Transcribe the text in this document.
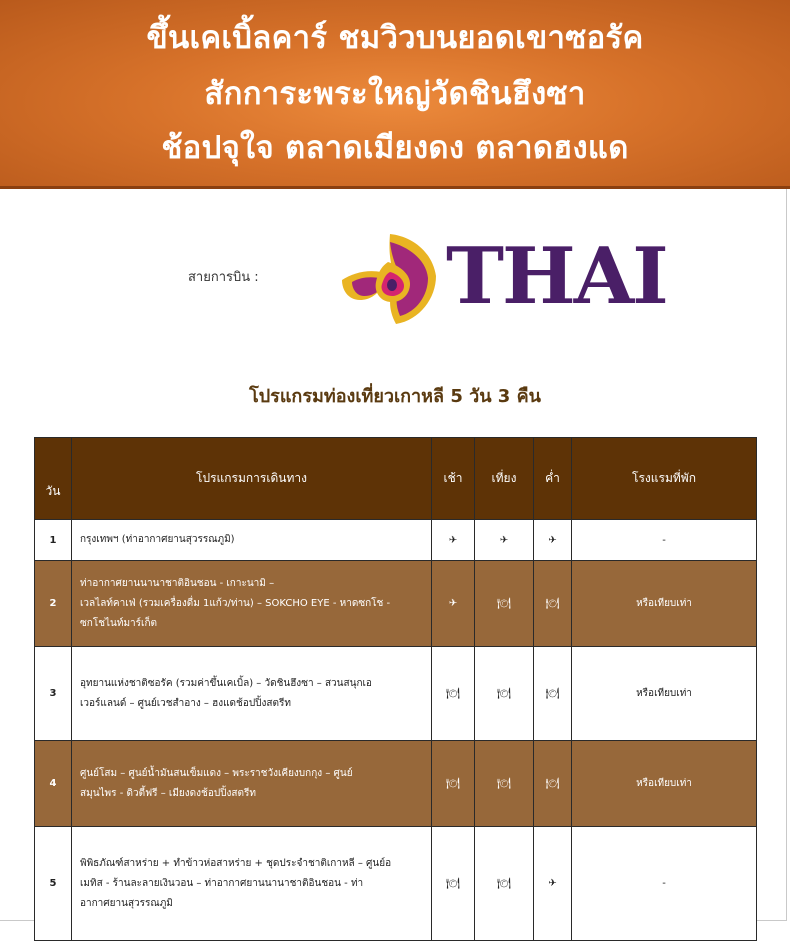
ขึ้นเคเบิ้ลคาร์ ชมวิวบนยอดเขาซอรัค
สักการะพระใหญ่วัดชินฮึงซา
ช้อปจุใจ ตลาดเมียงดง ตลาดฮงแด
สายการบิน : THAI
โปรแกรมท่องเที่ยวเกาหลี 5 วัน 3 คืน
วัน	โปรแกรมการเดินทาง	เช้า	เที่ยง	ค่ำ	โรงแรมที่พัก
1	กรุงเทพฯ (ท่าอากาศยานสุวรรณภูมิ)	✈	✈	✈	-
2	ท่าอากาศยานนานาชาติอินชอน - เกาะนามิ –
เวลไลท์คาเฟ่ (รวมเครื่องดื่ม 1แก้ว/ท่าน) – SOKCHO EYE - หาดซกโช -
ซกโชไนท์มาร์เก็ต	✈	🍽︎	🍽︎	หรือเทียบเท่า
3	อุทยานแห่งชาติซอรัค (รวมค่าขึ้นเคเบิ้ล) – วัดชินฮึงซา – สวนสนุกเอ
เวอร์แลนด์ – ศูนย์เวชสำอาง – ฮงแดช้อปปิ้งสตรีท	🍽︎	🍽︎	🍽︎	หรือเทียบเท่า
4	ศูนย์โสม – ศูนย์น้ำมันสนเข็มแดง – พระราชวังเคียงบกกุง – ศูนย์
สมุนไพร - ดิวตี้ฟรี – เมียงดงช้อปปิ้งสตรีท	🍽︎	🍽︎	🍽︎	หรือเทียบเท่า
5	พิพิธภัณฑ์สาหร่าย + ทำข้าวห่อสาหร่าย + ชุดประจำชาติเกาหลี – ศูนย์อ
เมทิส - ร้านละลายเงินวอน – ท่าอากาศยานนานาชาติอินชอน - ท่า
อากาศยานสุวรรณภูมิ	🍽︎	🍽︎	✈	-
